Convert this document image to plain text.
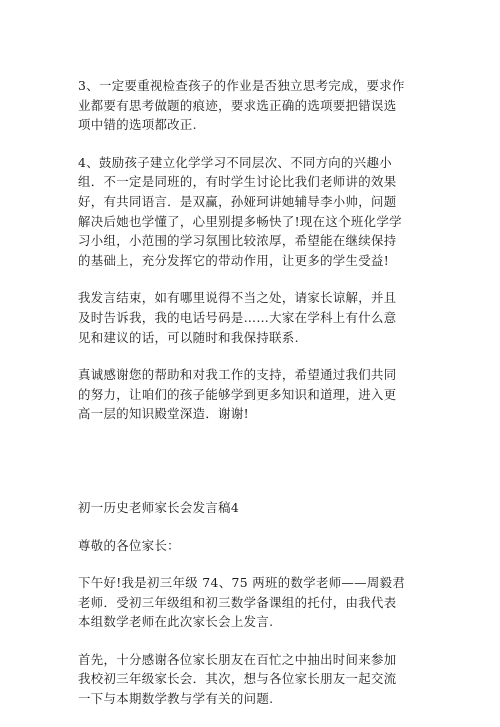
3、一定要重视检查孩子的作业是否独立思考完成，要求作
业都要有思考做题的痕迹，要求选正确的选项要把错误选
项中错的选项都改正.
4、鼓励孩子建立化学学习不同层次、不同方向的兴趣小
组．不一定是同班的，有时学生讨论比我们老师讲的效果
好，有共同语言．是双赢，孙娅珂讲她辅导李小帅，问题
解决后她也学懂了，心里别提多畅快了!现在这个班化学学
习小组，小范围的学习氛围比较浓厚，希望能在继续保持
的基础上，充分发挥它的带动作用，让更多的学生受益!
我发言结束，如有哪里说得不当之处，请家长谅解，并且
及时告诉我，我的电话号码是……大家在学科上有什么意
见和建议的话，可以随时和我保持联系.
真诚感谢您的帮助和对我工作的支持，希望通过我们共同
的努力，让咱们的孩子能够学到更多知识和道理，进入更
高一层的知识殿堂深造．谢谢!
初一历史老师家长会发言稿4
尊敬的各位家长：
下午好!我是初三年级 74、75 两班的数学老师——周毅君
老师．受初三年级组和初三数学备课组的托付，由我代表
本组数学老师在此次家长会上发言.
首先，十分感谢各位家长朋友在百忙之中抽出时间来参加
我校初三年级家长会．其次，想与各位家长朋友一起交流
一下与本期数学教与学有关的问题.
